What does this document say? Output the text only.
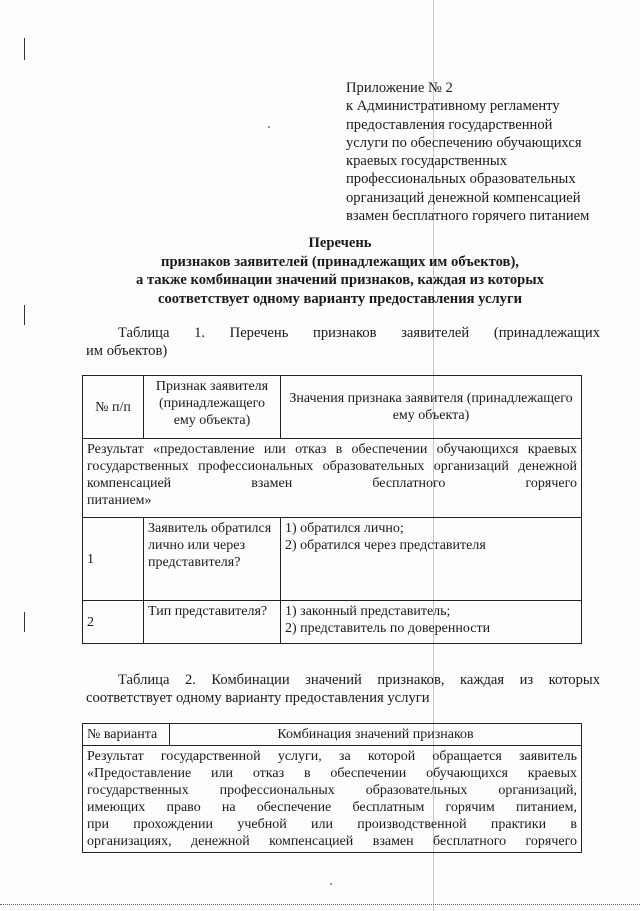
Приложение № 2
к Административному регламенту
предоставления государственной
услуги по обеспечению обучающихся
краевых государственных
профессиональных образовательных
организаций денежной компенсацией
взамен бесплатного горячего питанием
Перечень
признаков заявителей (принадлежащих им объектов),
а также комбинации значений признаков, каждая из которых
соответствует одному варианту предоставления услуги
Таблица 1. Перечень признаков заявителей (принадлежащих
им объектов)
№ п/п	Признак заявителя (принадлежащего ему объекта)	Значения признака заявителя (принадлежащего ему объекта)

Результат «предоставление или отказ в обеспечении обучающихся краевых государственных профессиональных образовательных организаций денежной компенсацией взамен бесплатного горячего
питанием»		
1	Заявитель обратился лично или через представителя?	1) обратился лично;
2) обратился через представителя

2	Тип представителя?	1) законный представитель;
2) представитель по доверенности
Таблица 2. Комбинации значений признаков, каждая из которых
соответствует одному варианту предоставления услуги
№ варианта	Комбинация значений признаков

Результат государственной услуги, за которой обращается заявитель
«Предоставление или отказ в обеспечении обучающихся краевых
государственных профессиональных образовательных организаций,
имеющих право на обеспечение бесплатным горячим питанием,
при прохождении учебной или производственной практики в
организациях, денежной компенсацией взамен бесплатного горячего
